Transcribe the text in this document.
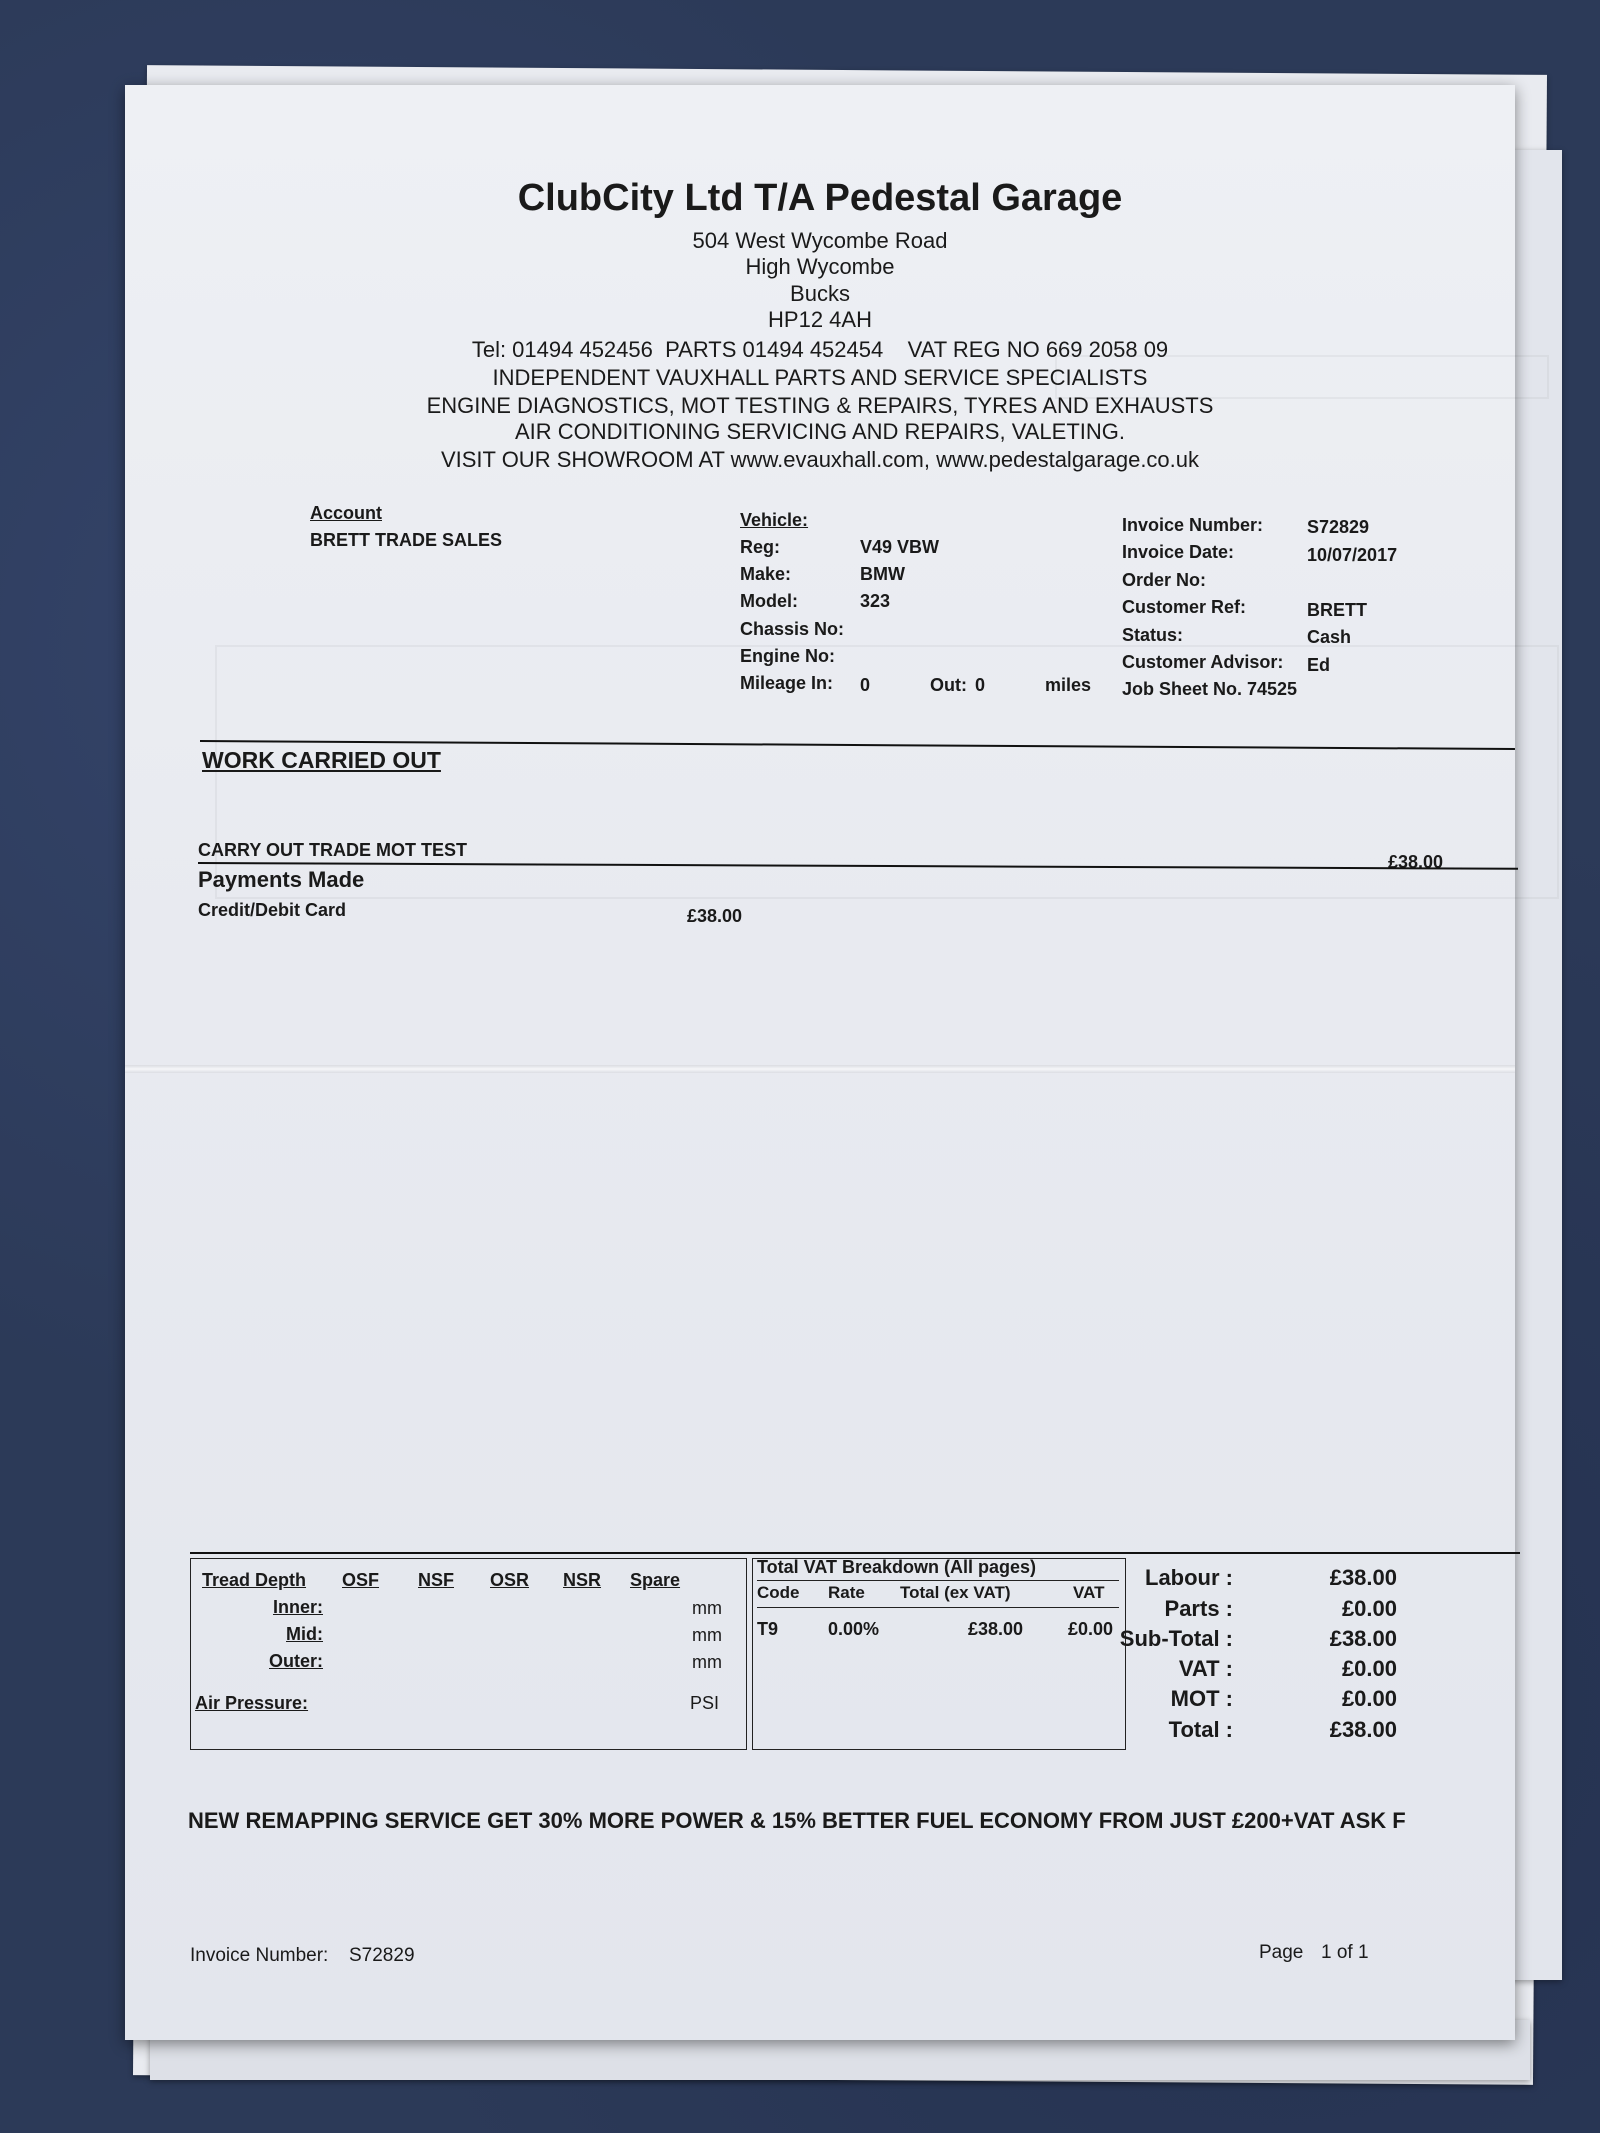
ClubCity Ltd T/A Pedestal Garage
504 West Wycombe Road
High Wycombe
Bucks
HP12 4AH
Tel: 01494 452456  PARTS 01494 452454    VAT REG NO 669 2058 09
INDEPENDENT VAUXHALL PARTS AND SERVICE SPECIALISTS
ENGINE DIAGNOSTICS, MOT TESTING & REPAIRS, TYRES AND EXHAUSTS
AIR CONDITIONING SERVICING AND REPAIRS, VALETING.
VISIT OUR SHOWROOM AT www.evauxhall.com, www.pedestalgarage.co.uk
Account
BRETT TRADE SALES
Vehicle:
Reg:	V49 VBW
Make:	BMW
Model:	323
Chassis No:
Engine No:
Mileage In: 0	Out: 0	miles
Invoice Number: S72829
Invoice Date:	10/07/2017
Order No:
Customer Ref:	BRETT
Status:	Cash
Customer Advisor: Ed
Job Sheet No. 74525
WORK CARRIED OUT
CARRY OUT TRADE MOT TEST
£38.00
Payments Made
Credit/Debit Card	£38.00
Tread Depth OSF NSF OSR NSR Spare
Inner:	mm
Mid:	mm
Outer:	mm
Air Pressure:	PSI
Total VAT Breakdown (All pages)
Code Rate Total (ex VAT)	VAT
T9	0.00%	£38.00 £0.00
Labour :	£38.00
Parts :	£0.00
Sub-Total :	£38.00
VAT :	£0.00
MOT :	£0.00
Total :	£38.00
NEW REMAPPING SERVICE GET 30% MORE POWER & 15% BETTER FUEL ECONOMY FROM JUST £200+VAT ASK F
Invoice Number: S72829	Page 1 of 1
